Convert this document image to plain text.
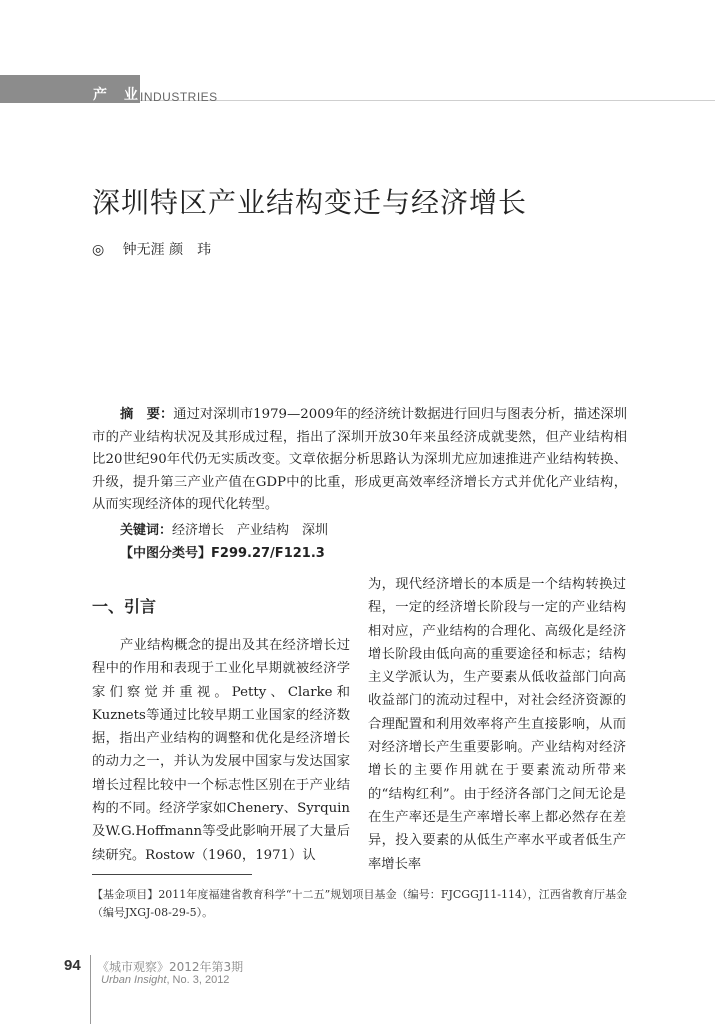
产 业
INDUSTRIES
深圳特区产业结构变迁与经济增长
◎ 钟无涯 颜　玮

摘　要：通过对深圳市1979—2009年的经济统计数据进行回归与图表分析，描述深圳市的产业结构状况及其形成过程，指出了深圳开放30年来虽经济成就斐然，但产业结构相比20世纪90年代仍无实质改变。文章依据分析思路认为深圳尤应加速推进产业结构转换、升级，提升第三产业产值在GDP中的比重，形成更高效率经济增长方式并优化产业结构，从而实现经济体的现代化转型。

关键词：经济增长　产业结构　深圳
【中图分类号】F299.27/F121.3
一、引言

产业结构概念的提出及其在经济增长过程中的作用和表现于工业化早期就被经济学家们察觉并重视。Petty、Clarke和Kuznets等通过比较早期工业国家的经济数据，指出产业结构的调整和优化是经济增长的动力之一，并认为发展中国家与发达国家增长过程比较中一个标志性区别在于产业结构的不同。经济学家如Chenery、Syrquin及W.G.Hoffmann等受此影响开展了大量后续研究。Rostow（1960，1971）认

为，现代经济增长的本质是一个结构转换过程，一定的经济增长阶段与一定的产业结构相对应，产业结构的合理化、高级化是经济增长阶段由低向高的重要途径和标志；结构主义学派认为，生产要素从低收益部门向高收益部门的流动过程中，对社会经济资源的合理配置和利用效率将产生直接影响，从而对经济增长产生重要影响。产业结构对经济增长的主要作用就在于要素流动所带来的“结构红利”。由于经济各部门之间无论是在生产率还是生产率增长率上都必然存在差异，投入要素的从低生产率水平或者低生产率增长率

【基金项目】2011年度福建省教育科学“十二五”规划项目基金（编号：FJCGGJ11-114），江西省教育厅基金（编号JXGJ-08-29-5）。
94 《城市观察》2012年第3期
Urban Insight, No. 3, 2012
